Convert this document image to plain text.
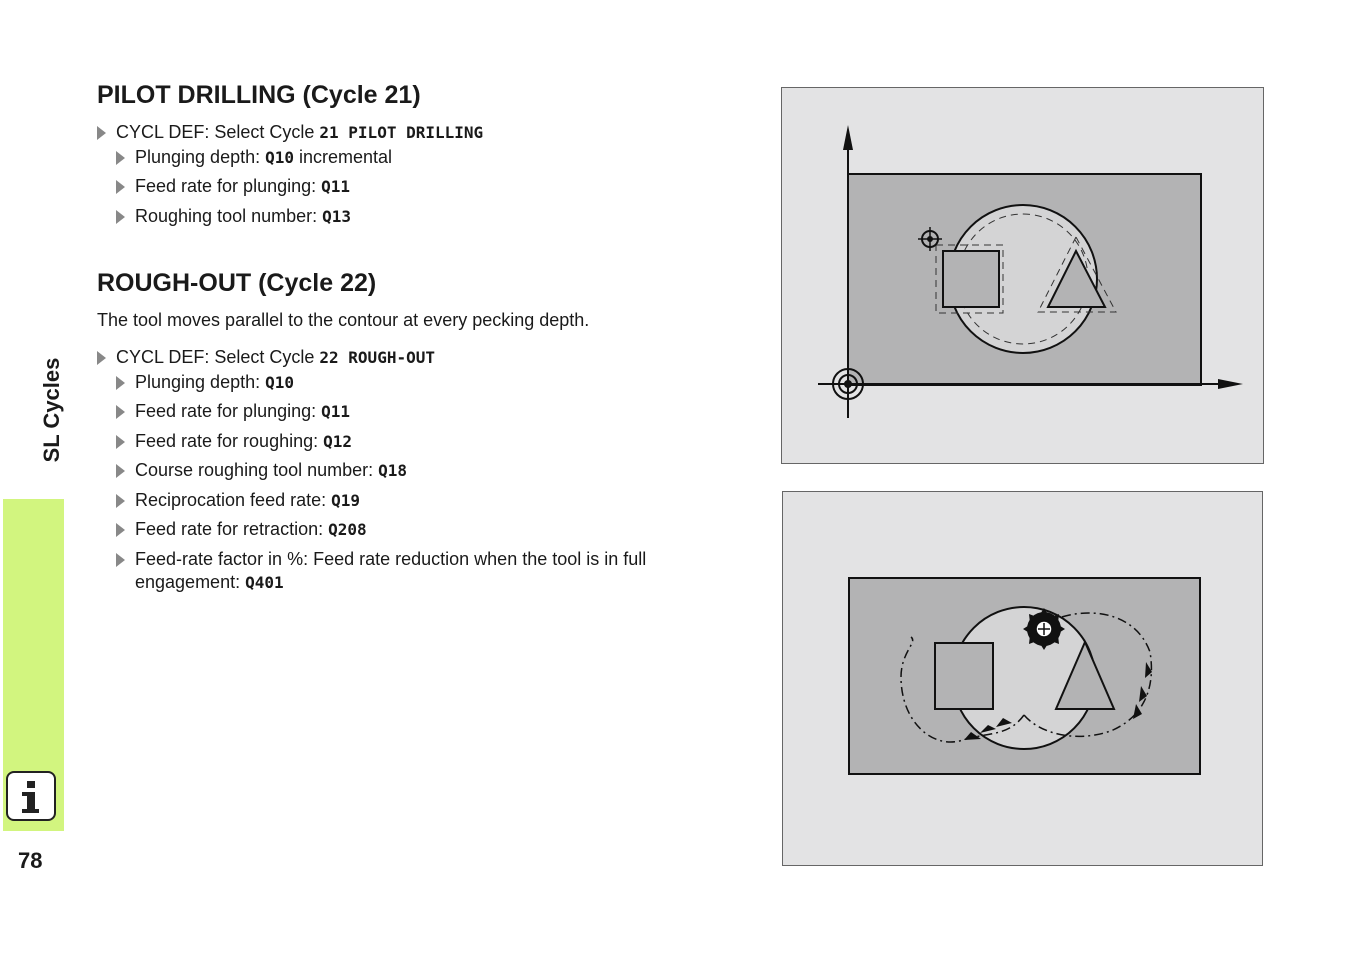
SL Cycles
78
PILOT DRILLING (Cycle 21)

CYCL DEF: Select Cycle 21 PILOT DRILLING

Plunging depth: Q10 incremental

Feed rate for plunging: Q11

Roughing tool number: Q13

ROUGH-OUT (Cycle 22)

The tool moves parallel to the contour at every pecking depth.

CYCL DEF: Select Cycle 22 ROUGH-OUT

Plunging depth: Q10

Feed rate for plunging: Q11

Feed rate for roughing: Q12

Course roughing tool number: Q18

Reciprocation feed rate: Q19

Feed rate for retraction: Q208

Feed-rate factor in %: Feed rate reduction when the tool is in full engagement: Q401
